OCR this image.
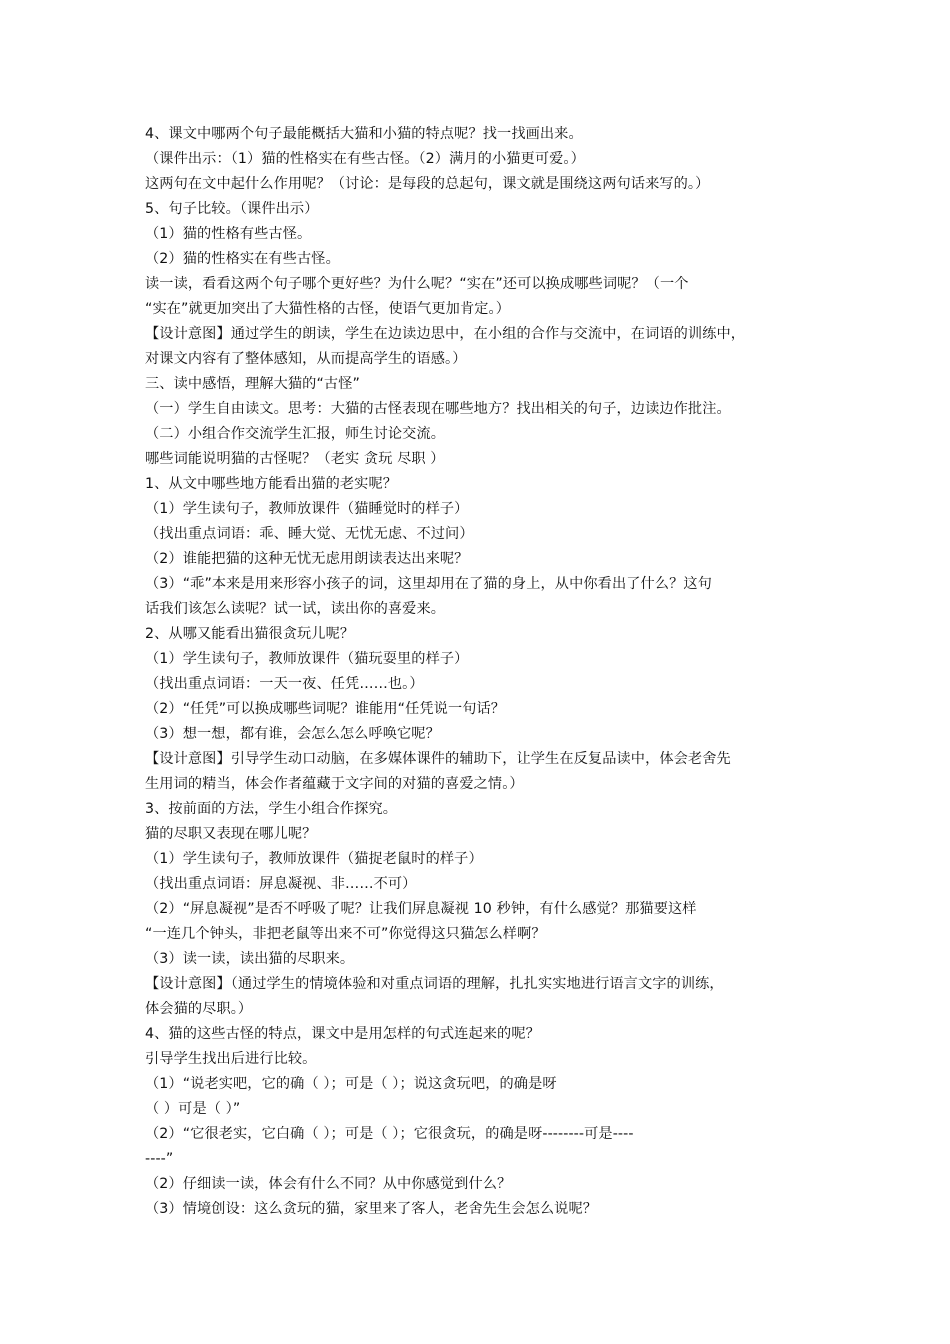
4、课文中哪两个句子最能概括大猫和小猫的特点呢？找一找画出来。
（课件出示：（1）猫的性格实在有些古怪。（2）满月的小猫更可爱。）
这两句在文中起什么作用呢？（讨论：是每段的总起句，课文就是围绕这两句话来写的。）
5、句子比较。（课件出示）
（1）猫的性格有些古怪。
（2）猫的性格实在有些古怪。
读一读，看看这两个句子哪个更好些？为什么呢？“实在”还可以换成哪些词呢？（一个
“实在”就更加突出了大猫性格的古怪，使语气更加肯定。）
【设计意图】通过学生的朗读，学生在边读边思中，在小组的合作与交流中，在词语的训练中，
对课文内容有了整体感知，从而提高学生的语感。）
三、读中感悟，理解大猫的“古怪”
（一）学生自由读文。思考：大猫的古怪表现在哪些地方？找出相关的句子，边读边作批注。
（二）小组合作交流学生汇报，师生讨论交流。
哪些词能说明猫的古怪呢？（老实 贪玩 尽职 ）
1、从文中哪些地方能看出猫的老实呢？
（1）学生读句子，教师放课件（猫睡觉时的样子）
（找出重点词语：乖、睡大觉、无忧无虑、不过问）
（2）谁能把猫的这种无忧无虑用朗读表达出来呢？
（3）“乖”本来是用来形容小孩子的词，这里却用在了猫的身上，从中你看出了什么？这句
话我们该怎么读呢？试一试，读出你的喜爱来。
2、从哪又能看出猫很贪玩儿呢？
（1）学生读句子，教师放课件（猫玩耍里的样子）
（找出重点词语：一天一夜、任凭……也。）
（2）“任凭”可以换成哪些词呢？谁能用“任凭说一句话？
（3）想一想，都有谁，会怎么怎么呼唤它呢？
【设计意图】引导学生动口动脑，在多媒体课件的辅助下，让学生在反复品读中，体会老舍先
生用词的精当，体会作者蕴藏于文字间的对猫的喜爱之情。）
3、按前面的方法，学生小组合作探究。
猫的尽职又表现在哪儿呢？
（1）学生读句子，教师放课件（猫捉老鼠时的样子）
（找出重点词语：屏息凝视、非……不可）
（2）“屏息凝视”是否不呼吸了呢？让我们屏息凝视 10 秒钟，有什么感觉？那猫要这样
“一连几个钟头，非把老鼠等出来不可”你觉得这只猫怎么样啊？
（3）读一读，读出猫的尽职来。
【设计意图】（通过学生的情境体验和对重点词语的理解，扎扎实实地进行语言文字的训练，
体会猫的尽职。）
4、猫的这些古怪的特点，课文中是用怎样的句式连起来的呢？
引导学生找出后进行比较。
（1）“说老实吧，它的确（ ）；可是（ ）；说这贪玩吧，的确是呀
（ ）可是（ ）”
（2）“它很老实，它白确（ ）；可是（ ）；它很贪玩，的确是呀--------可是----
----”
（2）仔细读一读，体会有什么不同？从中你感觉到什么？
（3）情境创设：这么贪玩的猫，家里来了客人，老舍先生会怎么说呢？
